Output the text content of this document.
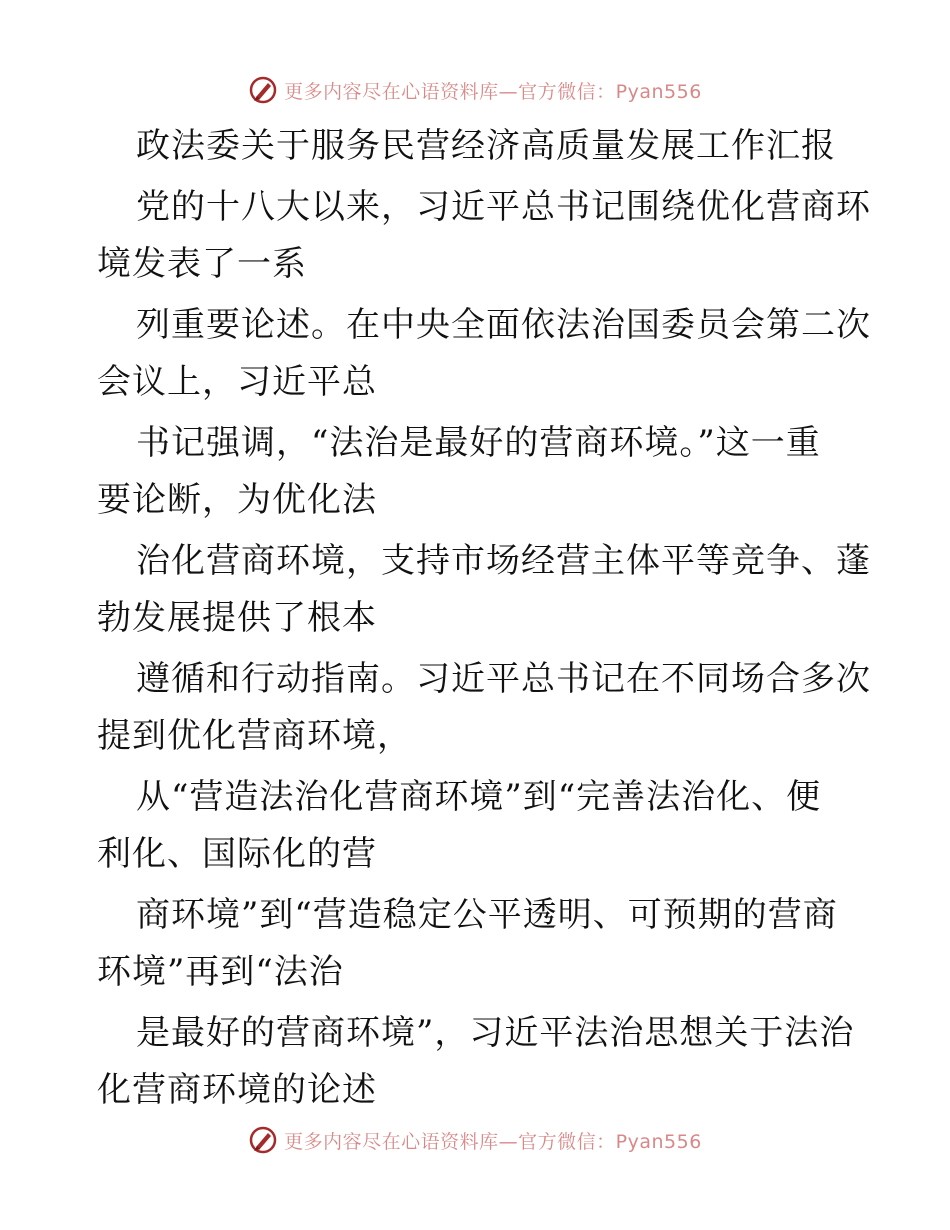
更多内容尽在心语资料库—官方微信：Pyan556
政法委关于服务民营经济高质量发展工作汇报
党的十八大以来，习近平总书记围绕优化营商环
境发表了一系
列重要论述。在中央全面依法治国委员会第二次
会议上，习近平总
书记强调，“法治是最好的营商环境。”这一重
要论断，为优化法
治化营商环境，支持市场经营主体平等竞争、蓬
勃发展提供了根本
遵循和行动指南。习近平总书记在不同场合多次
提到优化营商环境，
从“营造法治化营商环境”到“完善法治化、便
利化、国际化的营
商环境”到“营造稳定公平透明、可预期的营商
环境”再到“法治
是最好的营商环境”，习近平法治思想关于法治
化营商环境的论述
更多内容尽在心语资料库—官方微信：Pyan556
